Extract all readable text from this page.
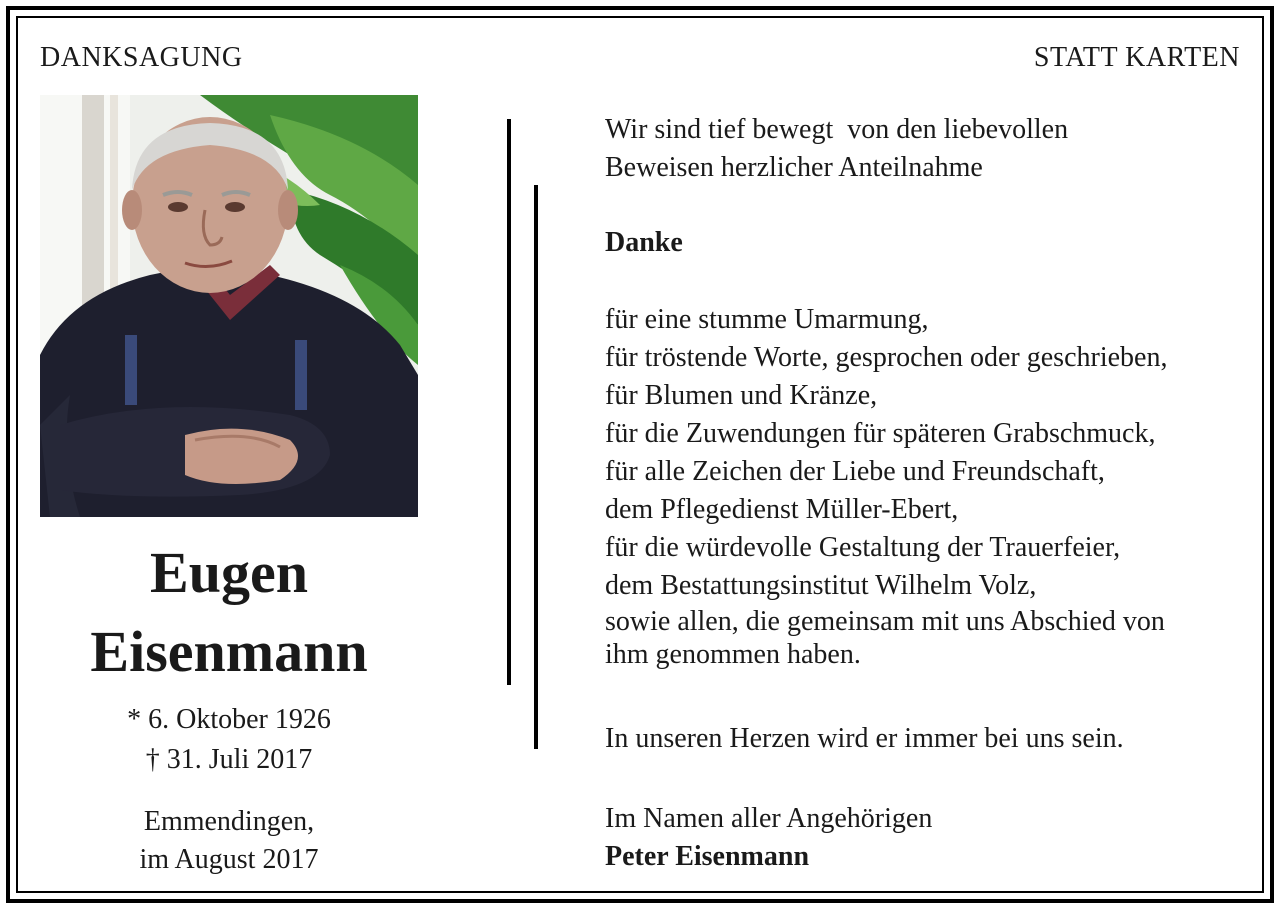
DANKSAGUNG	STATT KARTEN
Eugen
Eisenmann
* 6. Oktober 1926
† 31. Juli 2017
Emmendingen,
im August 2017
Wir sind tief bewegt  von den liebevollen
Beweisen herzlicher Anteilnahme
Danke
für eine stumme Umarmung,
für tröstende Worte, gesprochen oder geschrieben,
für Blumen und Kränze,
für die Zuwendungen für späteren Grabschmuck,
für alle Zeichen der Liebe und Freundschaft,
dem Pflegedienst Müller-Ebert,
für die würdevolle Gestaltung der Trauerfeier,
dem Bestattungsinstitut Wilhelm Volz,
sowie allen, die gemeinsam mit uns Abschied von
ihm genommen haben.
In unseren Herzen wird er immer bei uns sein.
Im Namen aller Angehörigen
Peter Eisenmann
